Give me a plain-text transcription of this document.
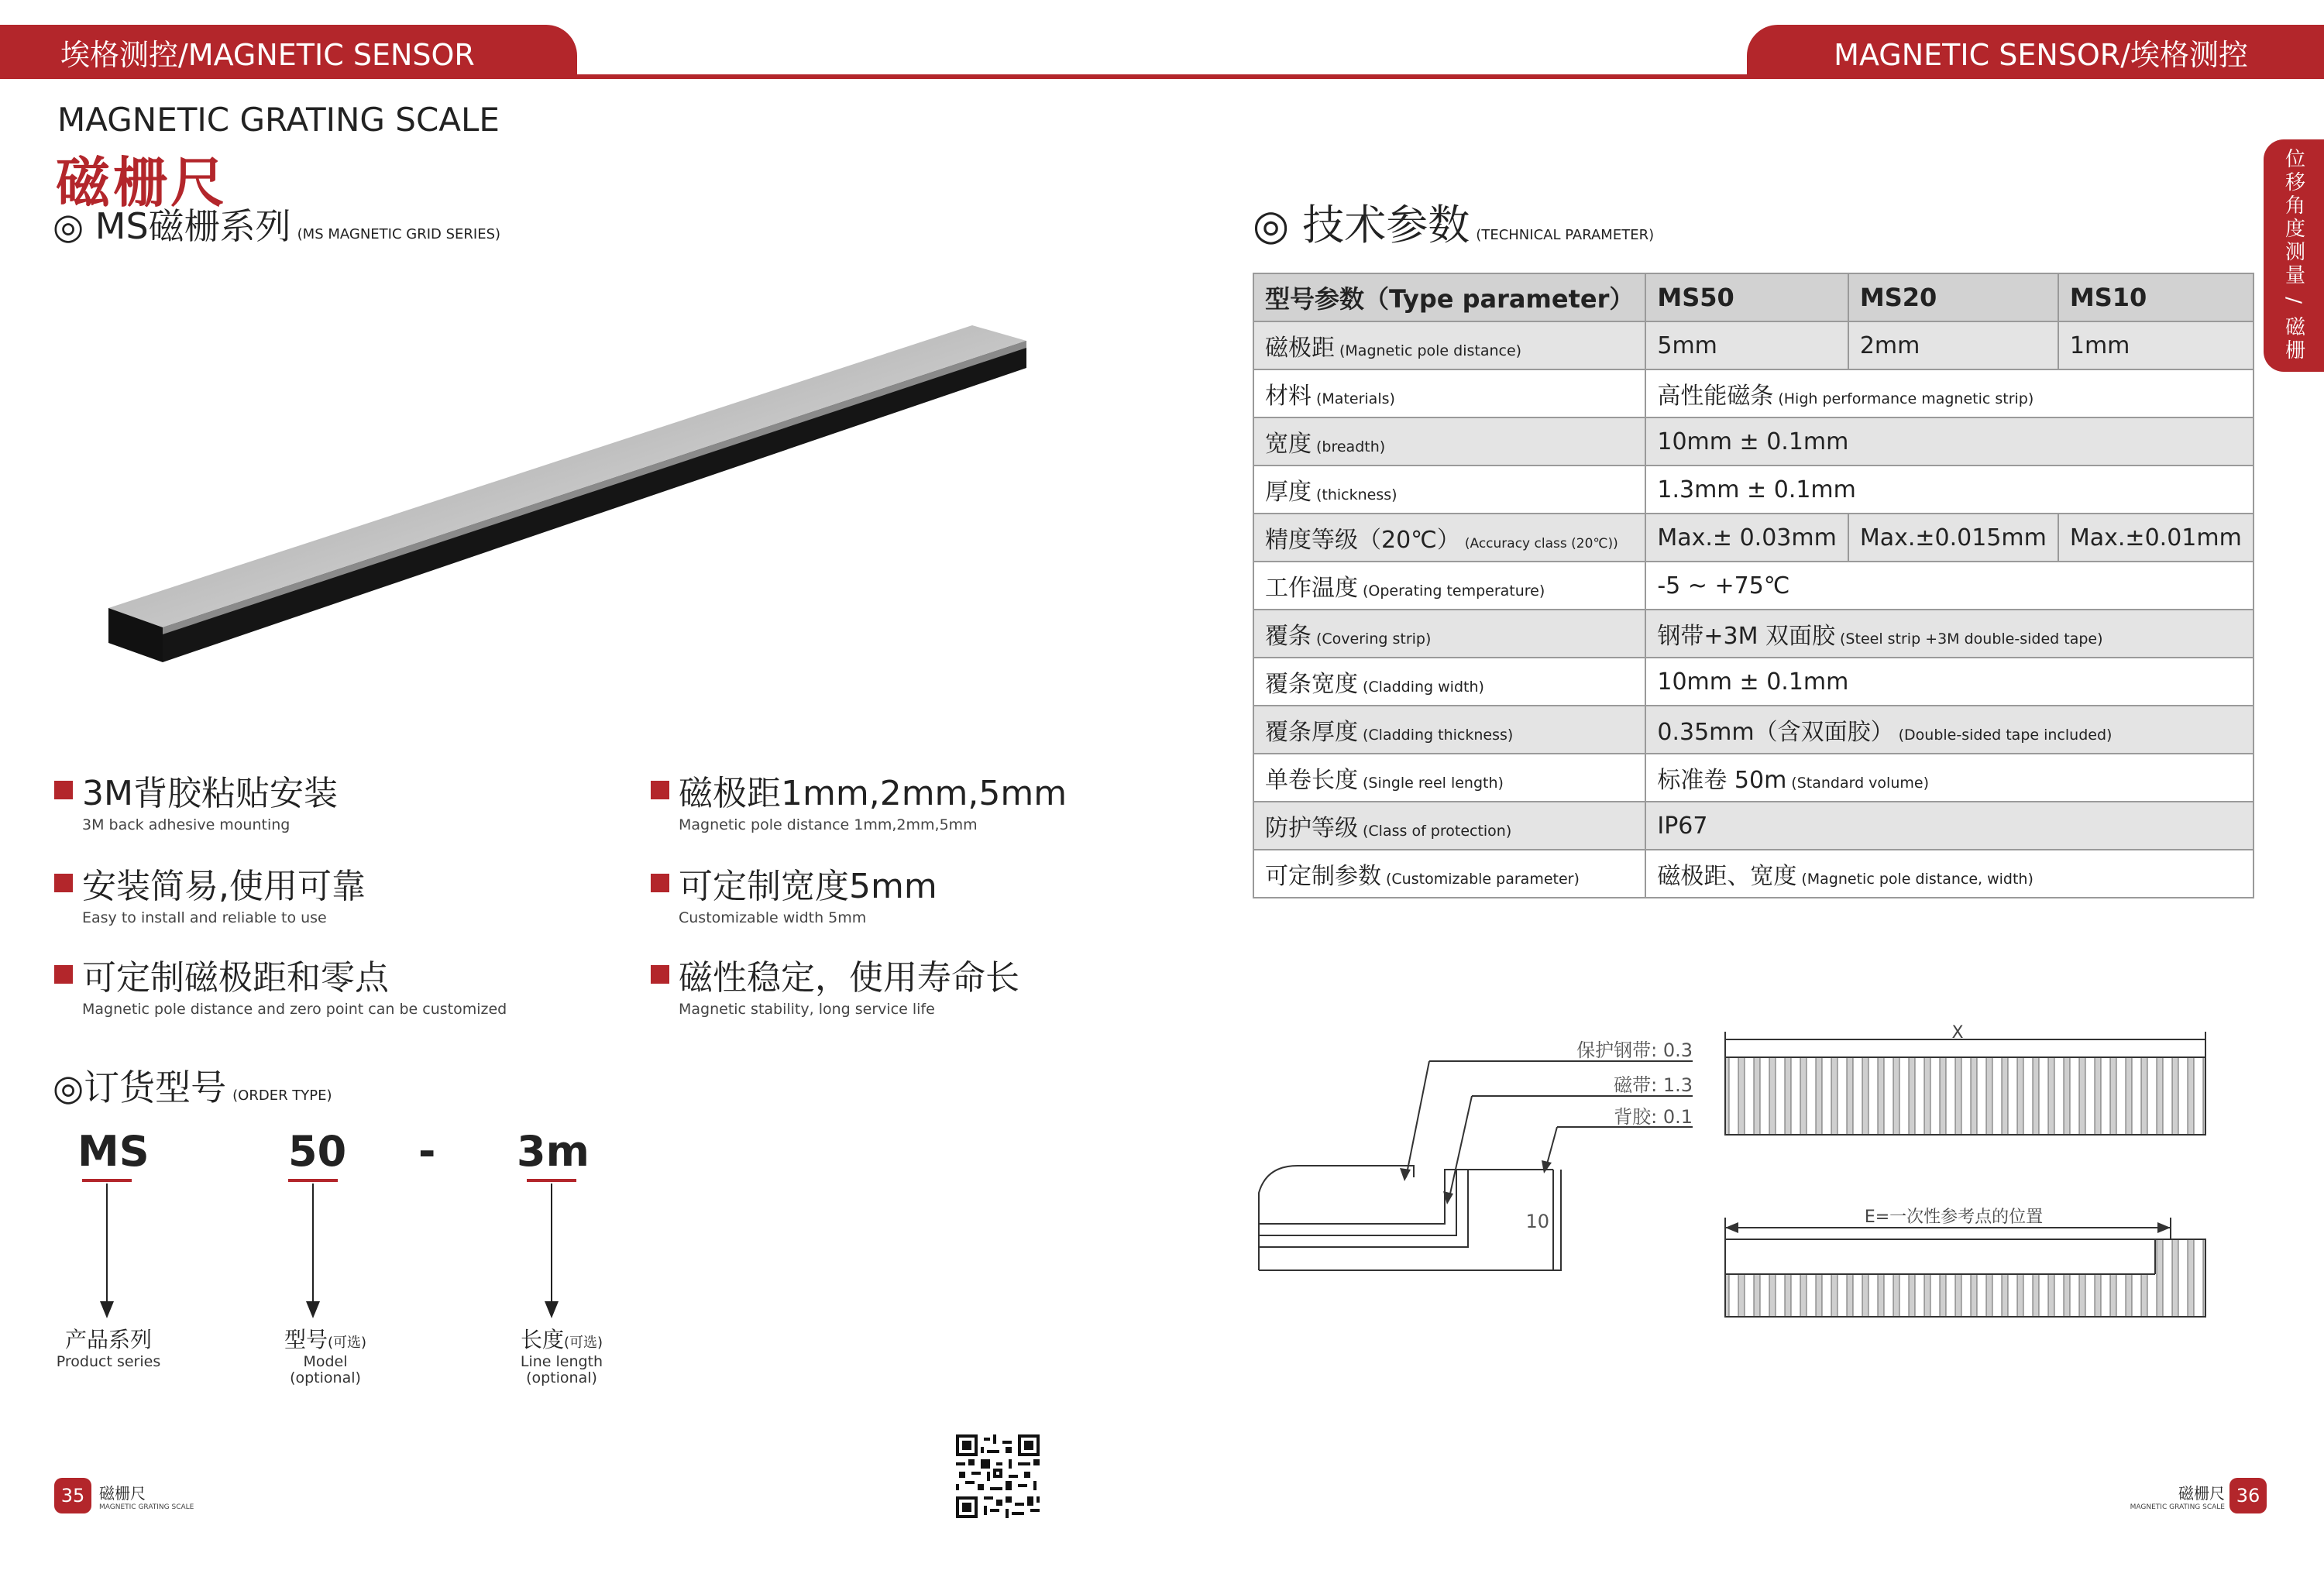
埃格测控/MAGNETIC SENSOR	MAGNETIC SENSOR/埃格测控
位移角度测量 / 磁栅
MAGNETIC GRATING SCALE
磁栅尺
◎ MS磁栅系列 (MS MAGNETIC GRID SERIES)
3M背胶粘贴安装
3M back adhesive mounting
磁极距1mm,2mm,5mm
Magnetic pole distance 1mm,2mm,5mm
安装简易,使用可靠
Easy to install and reliable to use
可定制宽度5mm
Customizable width 5mm
可定制磁极距和零点
Magnetic pole distance and zero point can be customized
磁性稳定，使用寿命长
Magnetic stability, long service life
◎订货型号 (ORDER TYPE)
MS	50 - 3m
产品系列
Product series
型号(可选)
Model
(optional)
长度(可选)
Line length
(optional)
◎ 技术参数 (TECHNICAL PARAMETER)
型号参数（Type parameter）	MS50	MS20	MS10
磁极距 (Magnetic pole distance)	5mm	2mm	1mm
材料 (Materials)	高性能磁条 (High performance magnetic strip)		
宽度 (breadth)	10mm ± 0.1mm		
厚度 (thickness)	1.3mm ± 0.1mm		
精度等级（20℃） (Accuracy class (20℃))	Max.± 0.03mm	Max.±0.015mm	Max.±0.01mm
工作温度 (Operating temperature)	-5 ~ +75℃		
覆条 (Covering strip)	钢带+3M 双面胶 (Steel strip +3M double-sided tape)		
覆条宽度 (Cladding width)	10mm ± 0.1mm		
覆条厚度 (Cladding thickness)	0.35mm（含双面胶） (Double-sided tape included)		
单卷长度 (Single reel length)	标准卷 50m (Standard volume)		
防护等级 (Class of protection)	IP67		
可定制参数 (Customizable parameter)	磁极距、宽度 (Magnetic pole distance, width)		
保护钢带: 0.3
磁带: 1.3
背胶: 0.1
10
X
E=一次性参考点的位置
35 磁栅尺
MAGNETIC GRATING SCALE
磁栅尺
MAGNETIC GRATING SCALE
36
